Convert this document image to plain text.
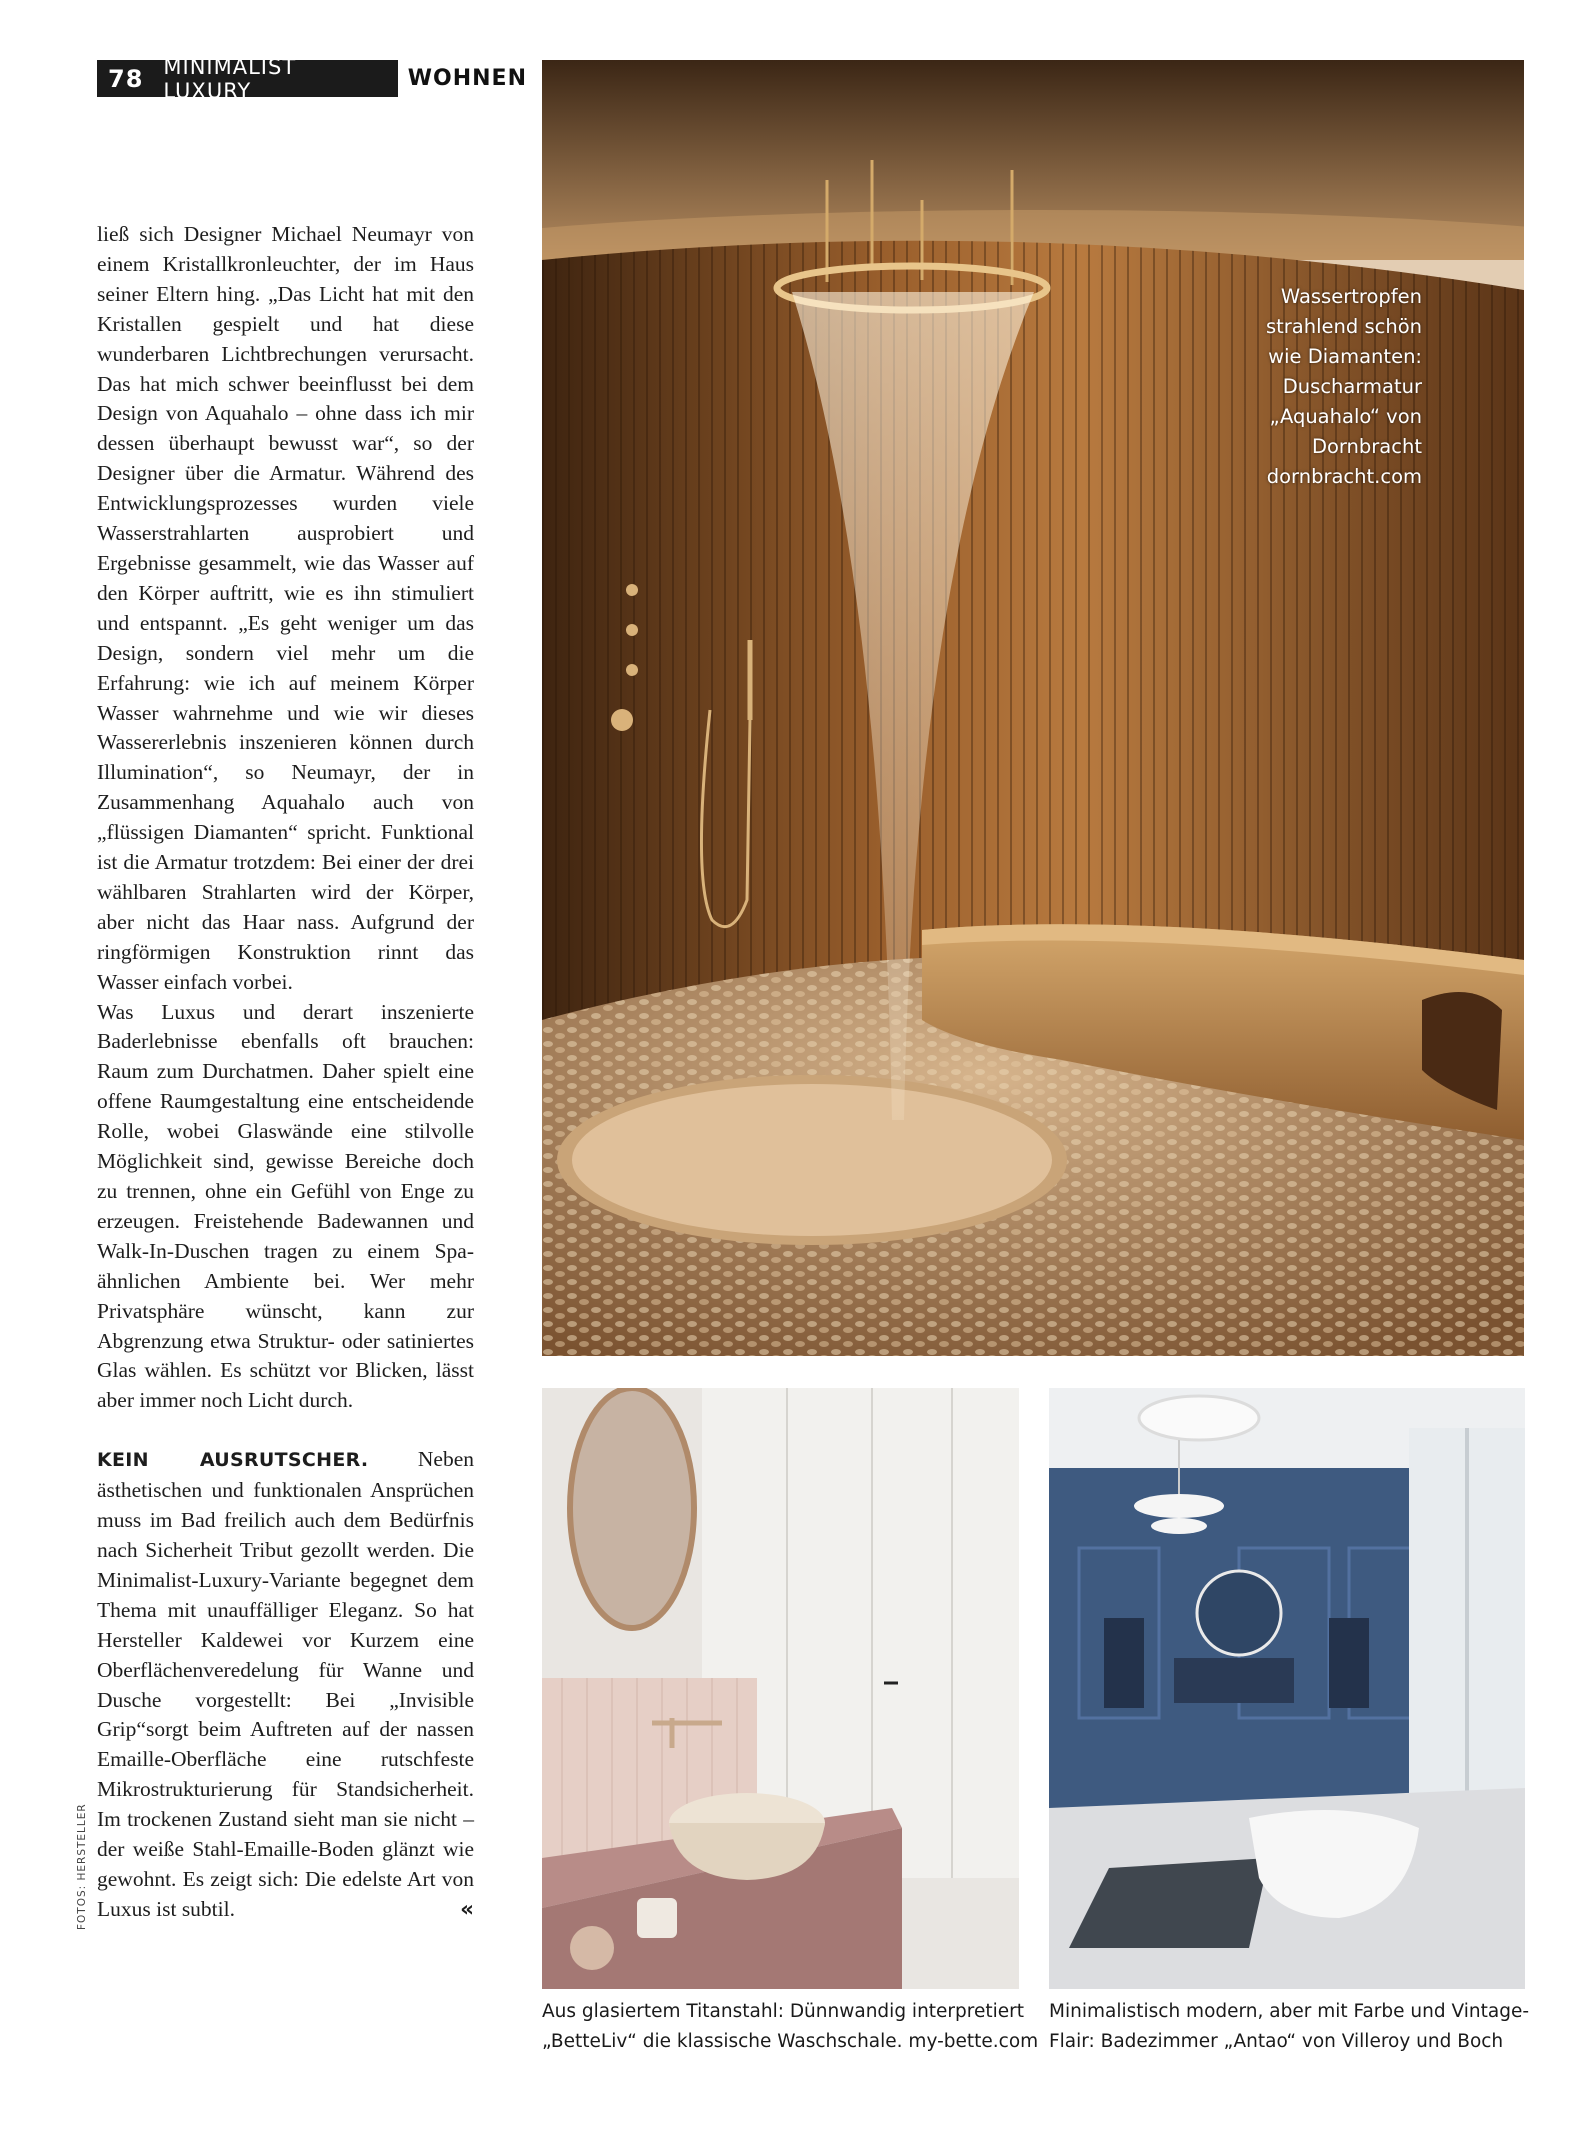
78 MINIMALIST LUXURY	WOHNEN

ließ sich Designer Michael Neumayr von einem Kristallkronleuchter, der im Haus seiner Eltern hing. „Das Licht hat mit den Kristallen gespielt und hat diese wunderbaren Lichtbrechungen verursacht. Das hat mich schwer beeinflusst bei dem Design von Aquahalo – ohne dass ich mir dessen überhaupt bewusst war“, so der Designer über die Armatur. Während des Entwicklungsprozesses wurden viele Wasserstrahlarten ausprobiert und Ergebnisse gesammelt, wie das Wasser auf den Körper auftritt, wie es ihn stimuliert und entspannt. „Es geht weniger um das Design, sondern viel mehr um die Erfahrung: wie ich auf meinem Körper Wasser wahrnehme und wie wir dieses Wassererlebnis inszenieren können durch Illumination“, so Neumayr, der in Zusammenhang Aquahalo auch von „flüssigen Diamanten“ spricht. Funktional ist die Armatur trotzdem: Bei einer der drei wählbaren Strahlarten wird der Körper, aber nicht das Haar nass. Aufgrund der ringförmigen Konstruktion rinnt das Wasser einfach vorbei.

Was Luxus und derart inszenierte Baderlebnisse ebenfalls oft brauchen: Raum zum Durchatmen. Daher spielt eine offene Raumgestaltung eine entscheidende Rolle, wobei Glaswände eine stilvolle Möglichkeit sind, gewisse Bereiche doch zu trennen, ohne ein Gefühl von Enge zu erzeugen. Freistehende Badewannen und Walk-In-Duschen tragen zu einem Spa-ähnlichen Ambiente bei. Wer mehr Privatsphäre wünscht, kann zur Abgrenzung etwa Struktur- oder satiniertes Glas wählen. Es schützt vor Blicken, lässt aber immer noch Licht durch.

KEIN AUSRUTSCHER. Neben ästhetischen und funktionalen Ansprüchen muss im Bad freilich auch dem Bedürfnis nach Sicherheit Tribut gezollt werden. Die Minimalist-Luxury-Variante begegnet dem Thema mit unauffälliger Eleganz. So hat Hersteller Kaldewei vor Kurzem eine Oberflächenveredelung für Wanne und Dusche vorgestellt: Bei „Invisible Grip“sorgt beim Auftreten auf der nassen Emaille-Oberfläche eine rutschfeste Mikrostrukturierung für Standsicherheit. Im trockenen Zustand sieht man sie nicht – der weiße Stahl-Emaille-Boden glänzt wie gewohnt. Es zeigt sich: Die edelste Art von Luxus ist subtil.	«

FOTOS: HERSTELLER
Wassertropfen
strahlend schön
wie Diamanten:
Duscharmatur
„Aquahalo“ von
Dornbracht
dornbracht.com
Aus glasiertem Titanstahl: Dünnwandig interpretiert „BetteLiv“ die klassische Waschschale. my-bette.com
Minimalistisch modern, aber mit Farbe und Vintage-Flair: Badezimmer „Antao“ von Villeroy und Boch
